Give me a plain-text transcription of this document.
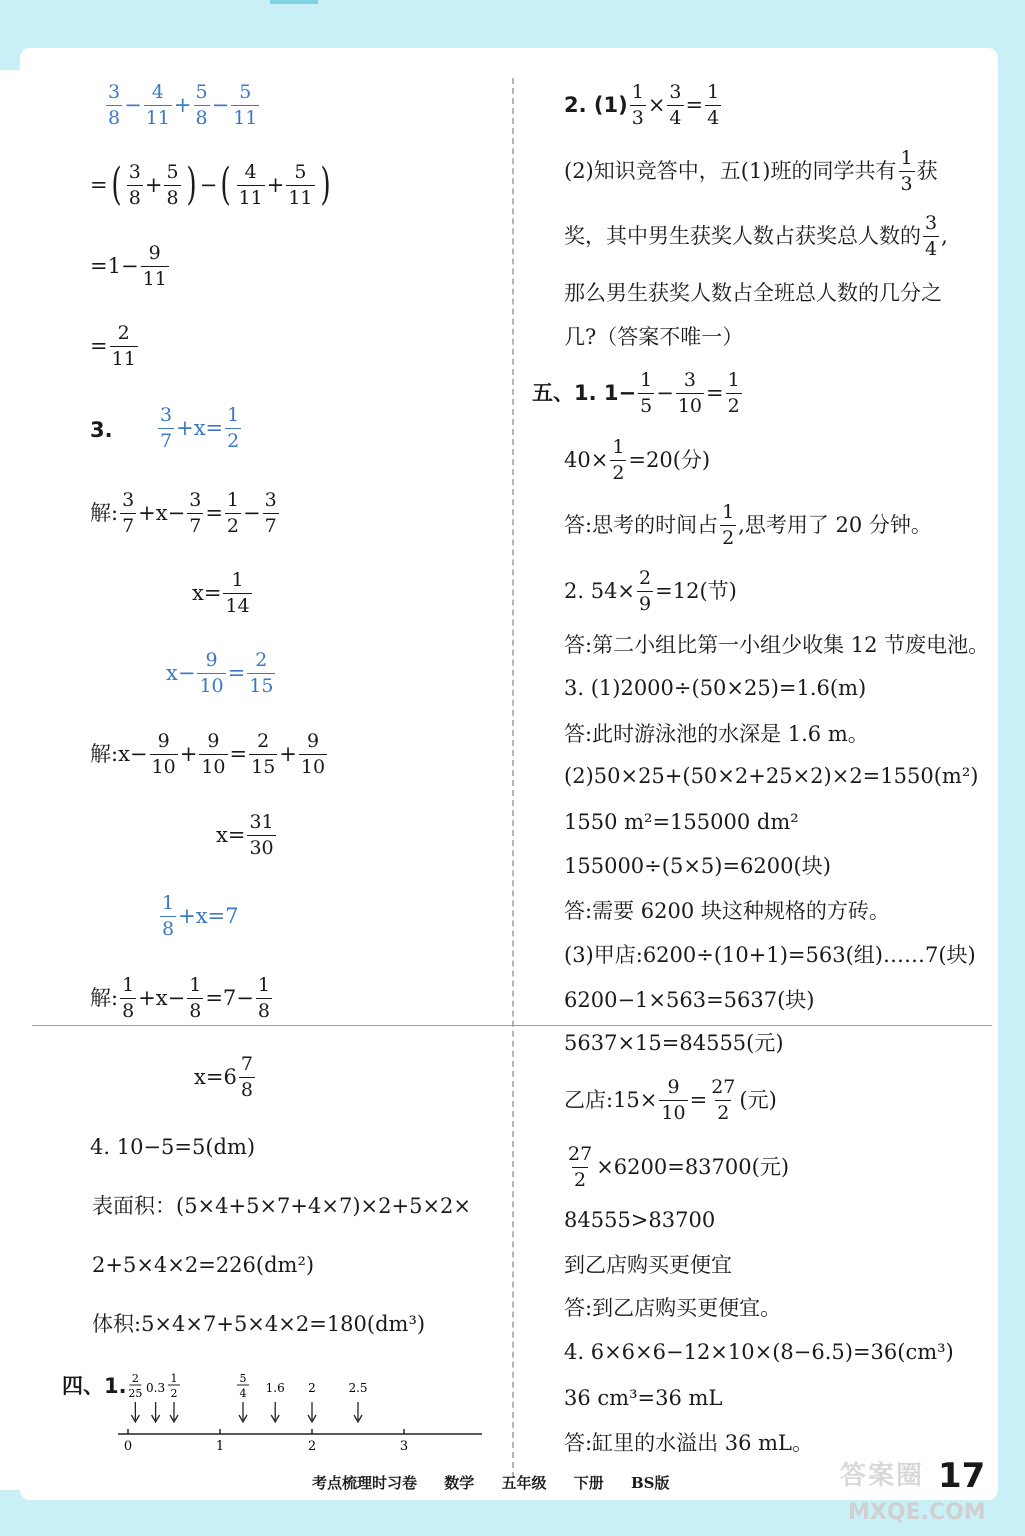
$\frac{3}{8} - \frac{4}{11} + \frac{5}{8} - \frac{5}{11}$
= ( $\frac{3}{8} + \frac{5}{8}$ ) − ( $\frac{4}{11} + \frac{5}{11}$ )
$=1- \frac{9}{11}$
= $\frac{2}{11}$
3. $\frac{3}{7} +x= \frac{1}{2}$
解: $\frac{3}{7} +x- \frac{3}{7} = \frac{1}{2} - \frac{3}{7}$
$x= \frac{1}{14}$
$x- \frac{9}{10} = \frac{2}{15}$
解:x− $\frac{9}{10} + \frac{9}{10} = \frac{2}{15} + \frac{9}{10}$
$x= \frac{31}{30}$
$\frac{1}{8} +x=7$
解: $\frac{1}{8} +x- \frac{1}{8} =7- \frac{1}{8}$
$x=6 \frac{7}{8}$
4. 10−5=5(dm)
表面积：(5×4+5×7+4×7)×2+5×2×
2+5×4×2=226(dm²)
体积:5×4×7+5×4×2=180(dm³)
四、1. 2
25 0.3
1
2
5
4 1.6 2	2.5
0	1	2	3
2. $(1) \frac{1}{3} \times \frac{3}{4} = \frac{1}{4}$
(2)知识竞答中，五(1)班的同学共有 $\frac{1}{3}$ 获
奖，其中男生获奖人数占获奖总人数的 $\frac{3}{4}$ ,
那么男生获奖人数占全班总人数的几分之
几?（答案不唯一）
五、1. $1- \frac{1}{5} - \frac{3}{10} = \frac{1}{2}$
$40\times \frac{1}{2} =20$(分)
答:思考的时间占 $\frac{1}{2}$ ,思考用了 20 分钟。
2. $54\times \frac{2}{9} =12$(节)
答:第二小组比第一小组少收集 12 节废电池。
3. (1)2000÷(50×25)=1.6(m)
答:此时游泳池的水深是 1.6 m。
(2)50×25+(50×2+25×2)×2=1550(m²)
1550 m²=155000 dm²
155000÷(5×5)=6200(块)
答:需要 6200 块这种规格的方砖。
(3)甲店:6200÷(10+1)=563(组)……7(块)
6200−1×563=5637(块)
5637×15=84555(元)
乙店:15× $\frac{9}{10} = \frac{27}{2}$ (元)
$\frac{27}{2} \times 6200=83700$(元)
84555>83700
到乙店购买更便宜
答:到乙店购买更便宜。
4. 6×6×6−12×10×(8−6.5)=36(cm³)
36 cm³=36 mL
答:缸里的水溢出 36 mL。
答案圈
MXQE.COM
考点梳理时习卷 数学 五年级 下册 BS版	17
